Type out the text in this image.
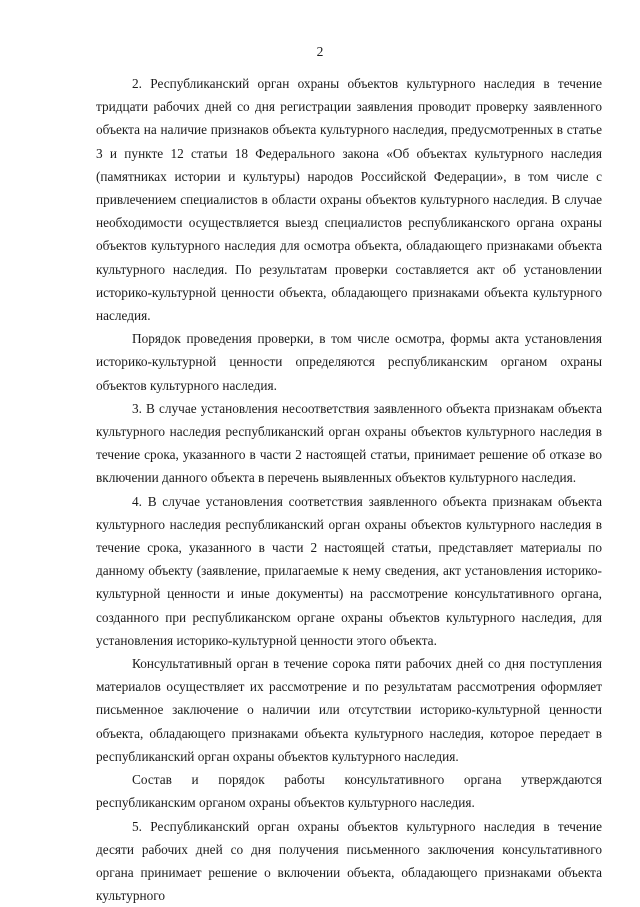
2

2. Республиканский орган охраны объектов культурного наследия в течение тридцати рабочих дней со дня регистрации заявления проводит проверку заявленного объекта на наличие признаков объекта культурного наследия, предусмотренных в статье 3 и пункте 12 статьи 18 Федерального закона «Об объектах культурного наследия (памятниках истории и культуры) народов Российской Федерации», в том числе с привлечением специалистов в области охраны объектов культурного наследия. В случае необходимости осуществляется выезд специалистов республиканского органа охраны объектов культурного наследия для осмотра объекта, обладающего признаками объекта культурного наследия. По результатам проверки составляется акт об установлении историко-культурной ценности объекта, обладающего признаками объекта культурного наследия.

Порядок проведения проверки, в том числе осмотра, формы акта установления историко-культурной ценности определяются республиканским органом охраны объектов культурного наследия.

3. В случае установления несоответствия заявленного объекта признакам объекта культурного наследия республиканский орган охраны объектов культурного наследия в течение срока, указанного в части 2 настоящей статьи, принимает решение об отказе во включении данного объекта в перечень выявленных объектов культурного наследия.

4. В случае установления соответствия заявленного объекта признакам объекта культурного наследия республиканский орган охраны объектов культурного наследия в течение срока, указанного в части 2 настоящей статьи, представляет материалы по данному объекту (заявление, прилагаемые к нему сведения, акт установления историко-культурной ценности и иные документы) на рассмотрение консультативного органа, созданного при республиканском органе охраны объектов культурного наследия, для установления историко-культурной ценности этого объекта.

Консультативный орган в течение сорока пяти рабочих дней со дня поступления материалов осуществляет их рассмотрение и по результатам рассмотрения оформляет письменное заключение о наличии или отсутствии историко-культурной ценности объекта, обладающего признаками объекта культурного наследия, которое передает в республиканский орган охраны объектов культурного наследия.

Состав и порядок работы консультативного органа утверждаются республиканским органом охраны объектов культурного наследия.

5. Республиканский орган охраны объектов культурного наследия в течение десяти рабочих дней со дня получения письменного заключения консультативного органа принимает решение о включении объекта, обладающего признаками объекта культурного
